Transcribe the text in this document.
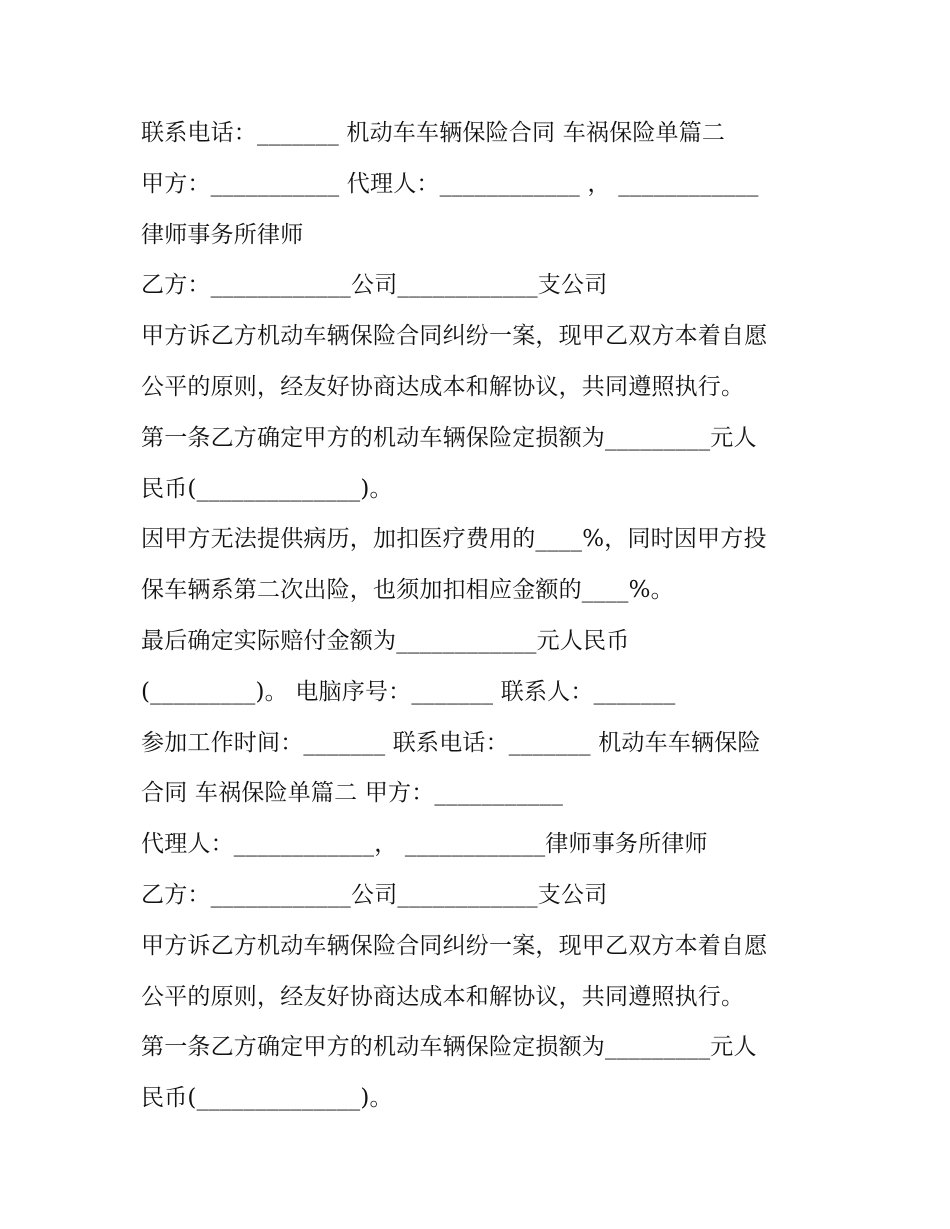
联系电话：_______ 机动车车辆保险合同 车祸保险单篇二
甲方：___________ 代理人：____________ ， ____________
律师事务所律师
乙方：____________公司____________支公司
甲方诉乙方机动车辆保险合同纠纷一案，现甲乙双方本着自愿
公平的原则，经友好协商达成本和解协议，共同遵照执行。
第一条乙方确定甲方的机动车辆保险定损额为_________元人
民币(______________)。
因甲方无法提供病历，加扣医疗费用的____%，同时因甲方投
保车辆系第二次出险，也须加扣相应金额的____%。
最后确定实际赔付金额为____________元人民币
(_________)。 电脑序号：_______ 联系人：_______
参加工作时间：_______ 联系电话：_______ 机动车车辆保险
合同 车祸保险单篇二 甲方：___________
代理人：____________， ____________律师事务所律师
乙方：____________公司____________支公司
甲方诉乙方机动车辆保险合同纠纷一案，现甲乙双方本着自愿
公平的原则，经友好协商达成本和解协议，共同遵照执行。
第一条乙方确定甲方的机动车辆保险定损额为_________元人
民币(______________)。
